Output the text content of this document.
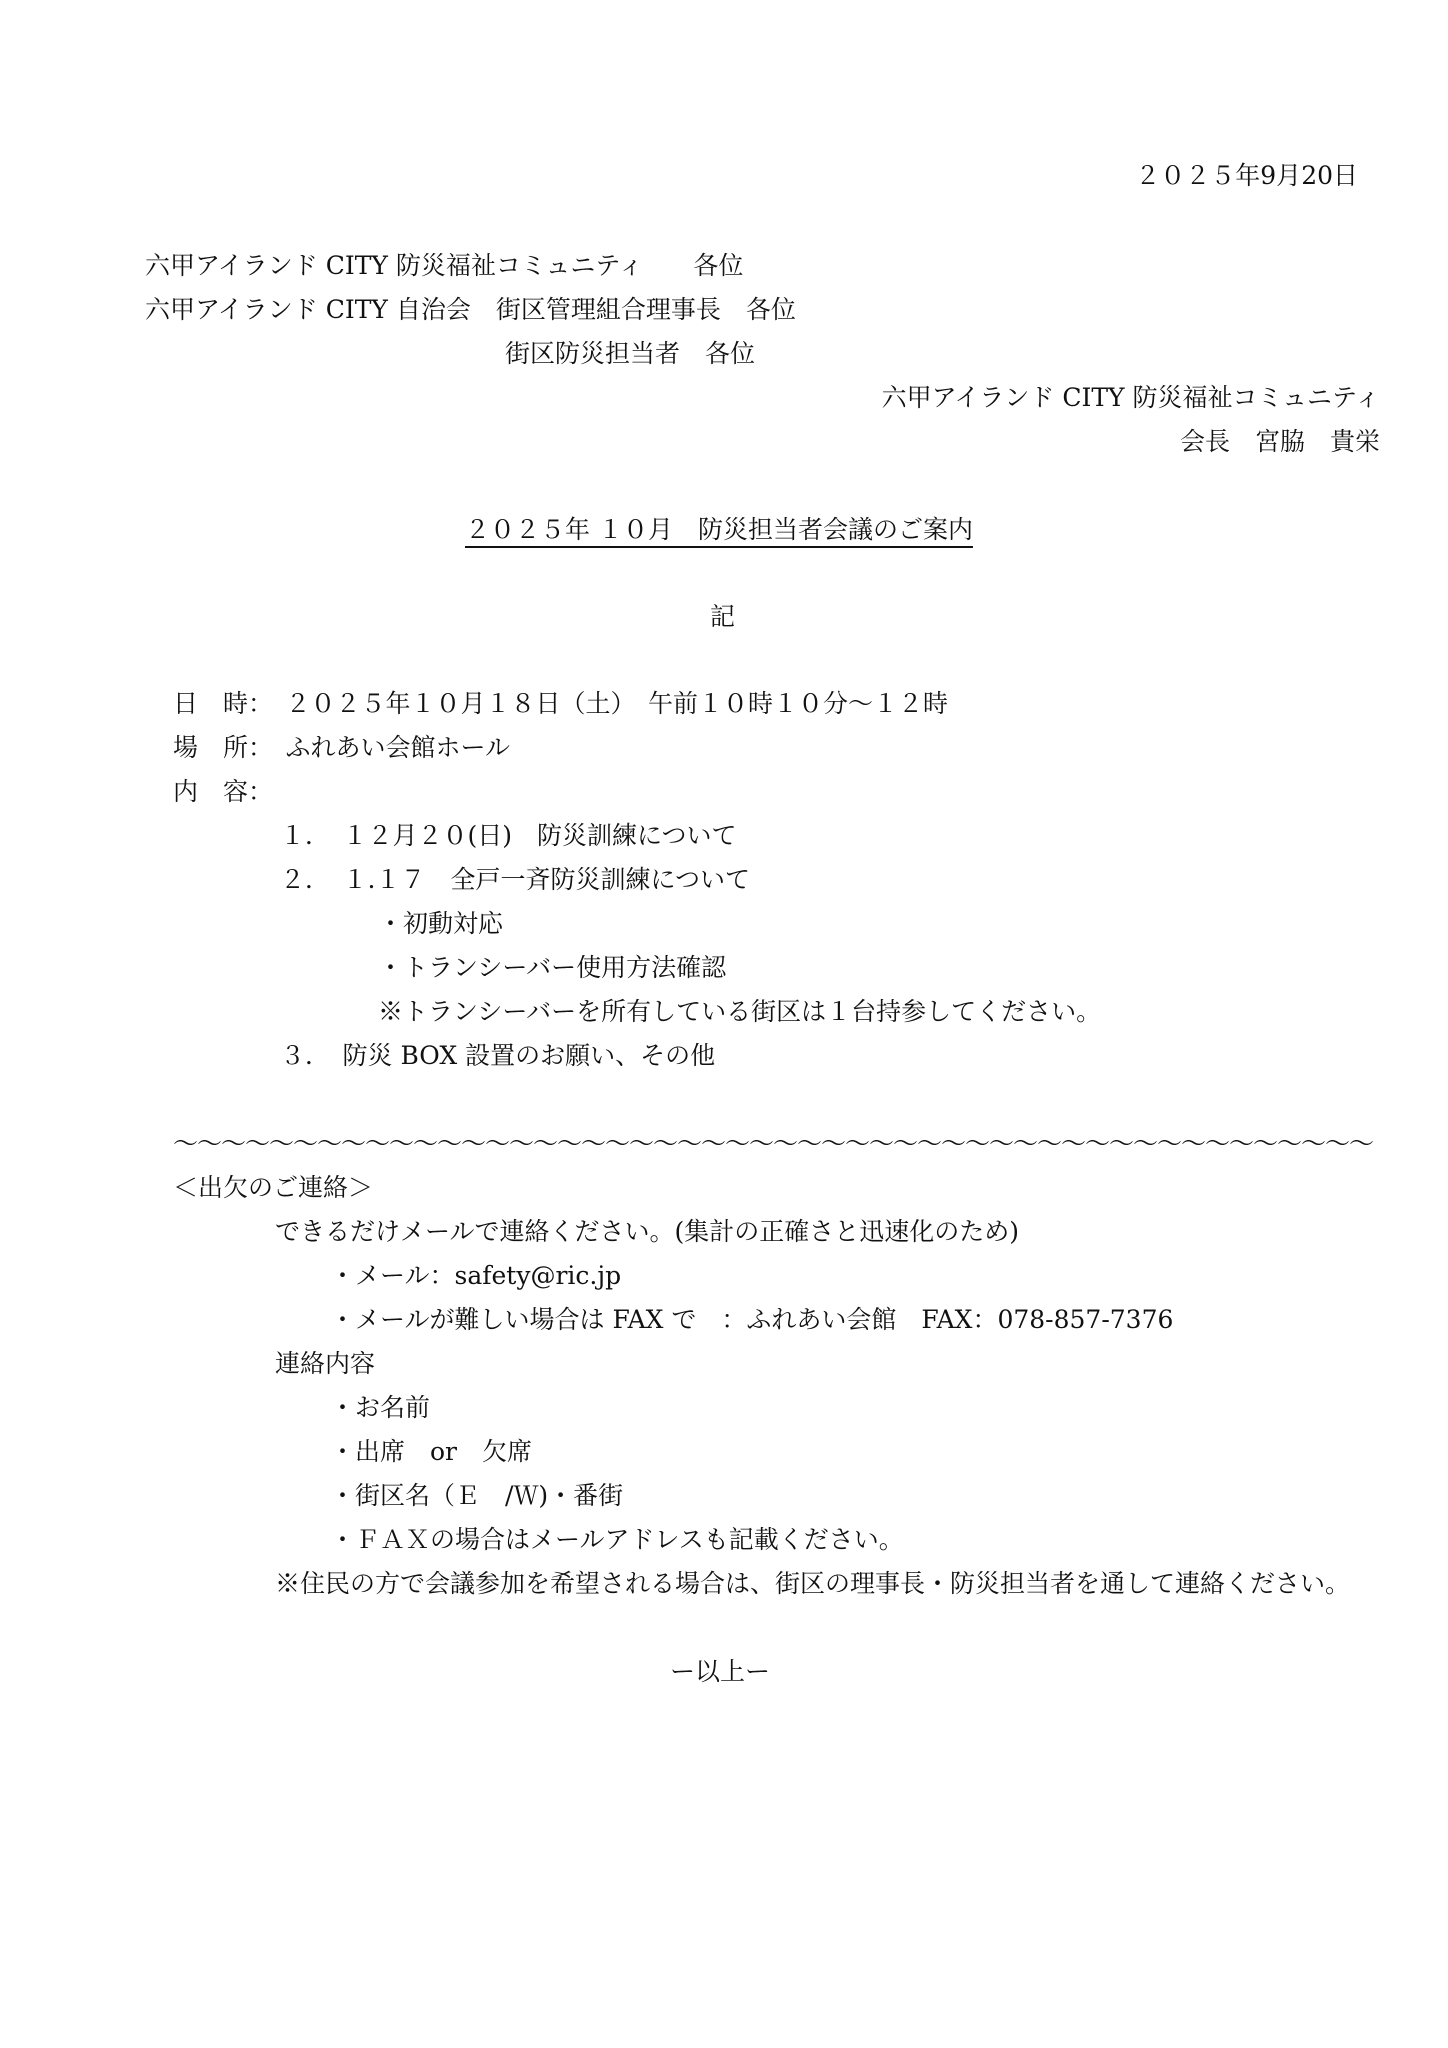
２０２５年9月20日
六甲アイランド CITY 防災福祉コミュニティ　　各位
六甲アイランド CITY 自治会　街区管理組合理事長　各位
街区防災担当者　各位
六甲アイランド CITY 防災福祉コミュニティ
会長　宮脇　貴栄
２０２５年 １０月　防災担当者会議のご案内
記
日　時：　２０２５年１０月１８日（土）　午前１０時１０分～１２時
場　所：　ふれあい会館ホール
内　容：
１．　１２月２０(日)　防災訓練について
２．　１.１７　全戸一斉防災訓練について
・初動対応
・トランシーバー使用方法確認
※トランシーバーを所有している街区は１台持参してください。
３．　防災 BOX 設置のお願い、その他
～～～～～～～～～～～～～～～～～～～～～～～～～～～～～～～～～～～～～～～～～～～～～～～～～～
＜出欠のご連絡＞
できるだけメールで連絡ください。(集計の正確さと迅速化のため)
・メール：safety@ric.jp
・メールが難しい場合は FAX で　：ふれあい会館　FAX：078-857-7376
連絡内容
・お名前
・出席　or　欠席
・街区名（Ｅ　/Ｗ)・番街
・ＦＡＸの場合はメールアドレスも記載ください。
※住民の方で会議参加を希望される場合は、街区の理事長・防災担当者を通して連絡ください。
ー以上ー
